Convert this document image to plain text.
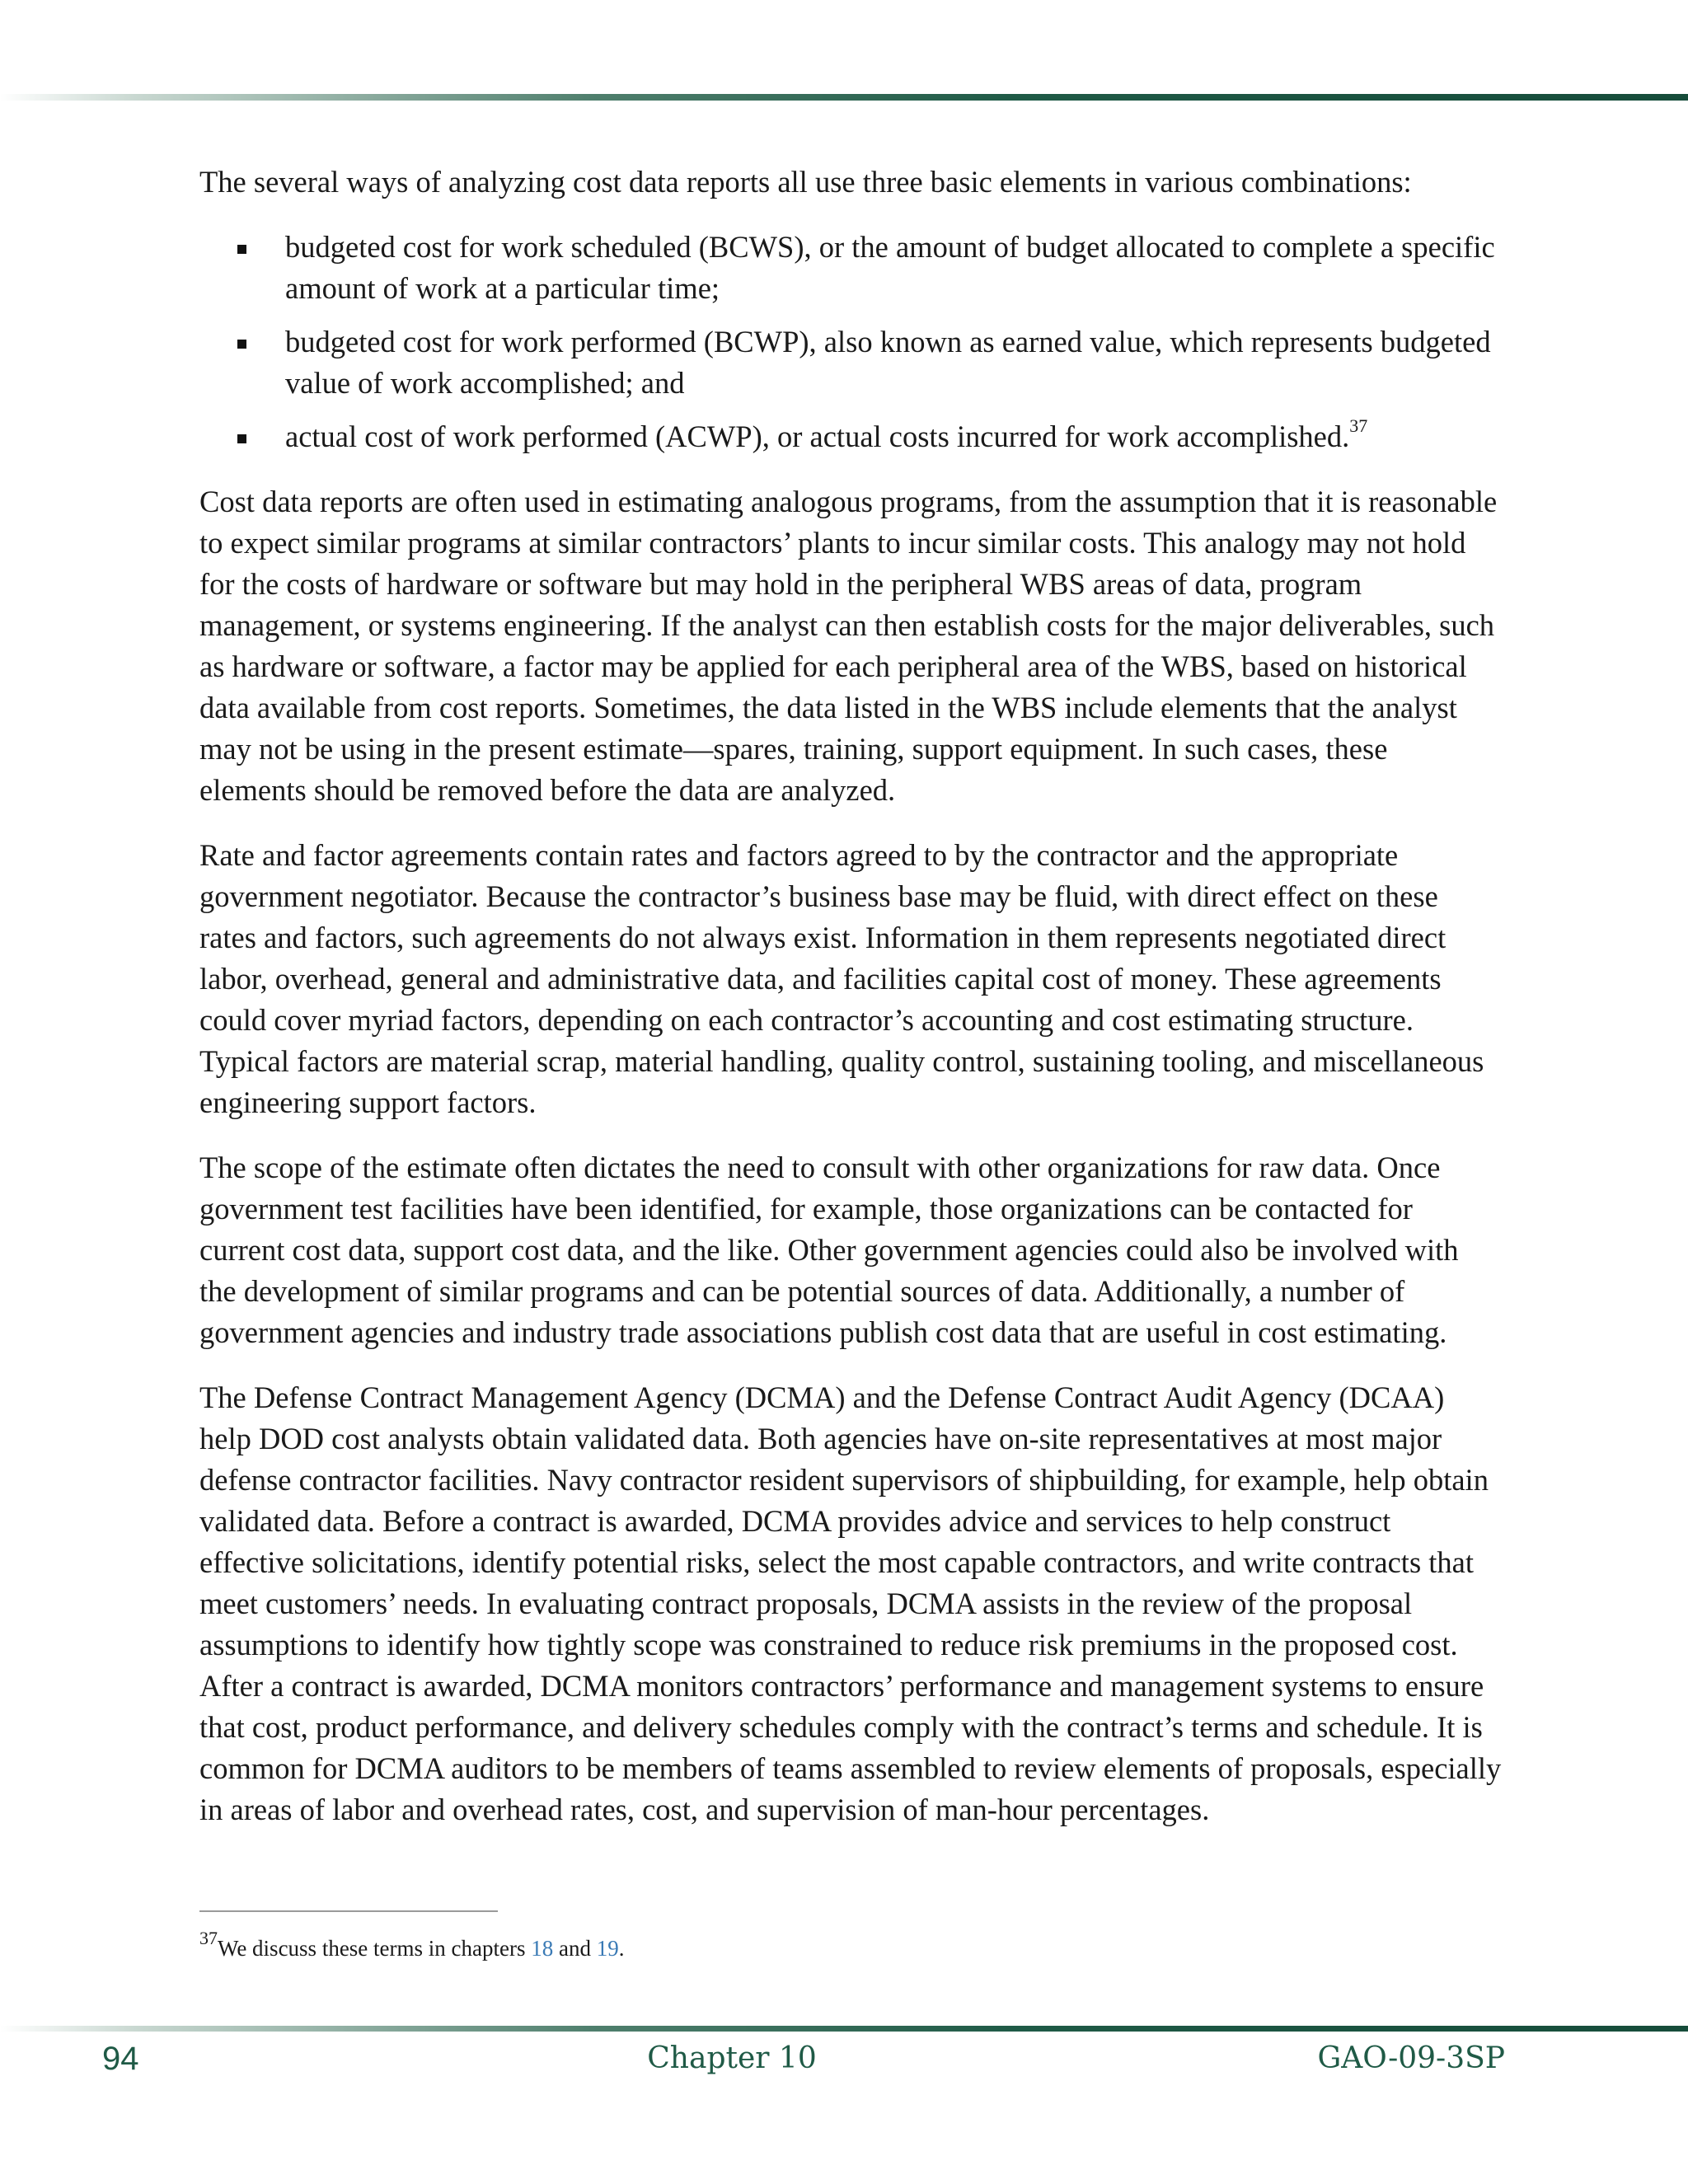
The several ways of analyzing cost data reports all use three basic elements in various combinations:

budgeted cost for work scheduled (BCWS), or the amount of budget allocated to complete a specific amount of work at a particular time;
budgeted cost for work performed (BCWP), also known as earned value, which represents budgeted value of work accomplished; and
actual cost of work performed (ACWP), or actual costs incurred for work accomplished.$^{37}$

Cost data reports are often used in estimating analogous programs, from the assumption that it is reasonable to expect similar programs at similar contractors’ plants to incur similar costs. This analogy may not hold for the costs of hardware or software but may hold in the peripheral WBS areas of data, program management, or systems engineering. If the analyst can then establish costs for the major deliverables, such as hardware or software, a factor may be applied for each peripheral area of the WBS, based on historical data available from cost reports. Sometimes, the data listed in the WBS include elements that the analyst may not be using in the present estimate—spares, training, support equipment. In such cases, these elements should be removed before the data are analyzed.

Rate and factor agreements contain rates and factors agreed to by the contractor and the appropriate government negotiator. Because the contractor’s business base may be fluid, with direct effect on these rates and factors, such agreements do not always exist. Information in them represents negotiated direct labor, overhead, general and administrative data, and facilities capital cost of money. These agreements could cover myriad factors, depending on each contractor’s accounting and cost estimating structure. Typical factors are material scrap, material handling, quality control, sustaining tooling, and miscellaneous engineering support factors.

The scope of the estimate often dictates the need to consult with other organizations for raw data. Once government test facilities have been identified, for example, those organizations can be contacted for current cost data, support cost data, and the like. Other government agencies could also be involved with the development of similar programs and can be potential sources of data. Additionally, a number of government agencies and industry trade associations publish cost data that are useful in cost estimating.

The Defense Contract Management Agency (DCMA) and the Defense Contract Audit Agency (DCAA) help DOD cost analysts obtain validated data. Both agencies have on-site representatives at most major defense contractor facilities. Navy contractor resident supervisors of shipbuilding, for example, help obtain validated data. Before a contract is awarded, DCMA provides advice and services to help construct effective solicitations, identify potential risks, select the most capable contractors, and write contracts that meet customers’ needs. In evaluating contract proposals, DCMA assists in the review of the proposal assumptions to identify how tightly scope was constrained to reduce risk premiums in the proposed cost. After a contract is awarded, DCMA monitors contractors’ performance and management systems to ensure that cost, product performance, and delivery schedules comply with the contract’s terms and schedule. It is common for DCMA auditors to be members of teams assembled to review elements of proposals, especially in areas of labor and overhead rates, cost, and supervision of man-hour percentages.

$^{37}$We discuss these terms in chapters 18 and 19.
94	Chapter 10	GAO-09-3SP
